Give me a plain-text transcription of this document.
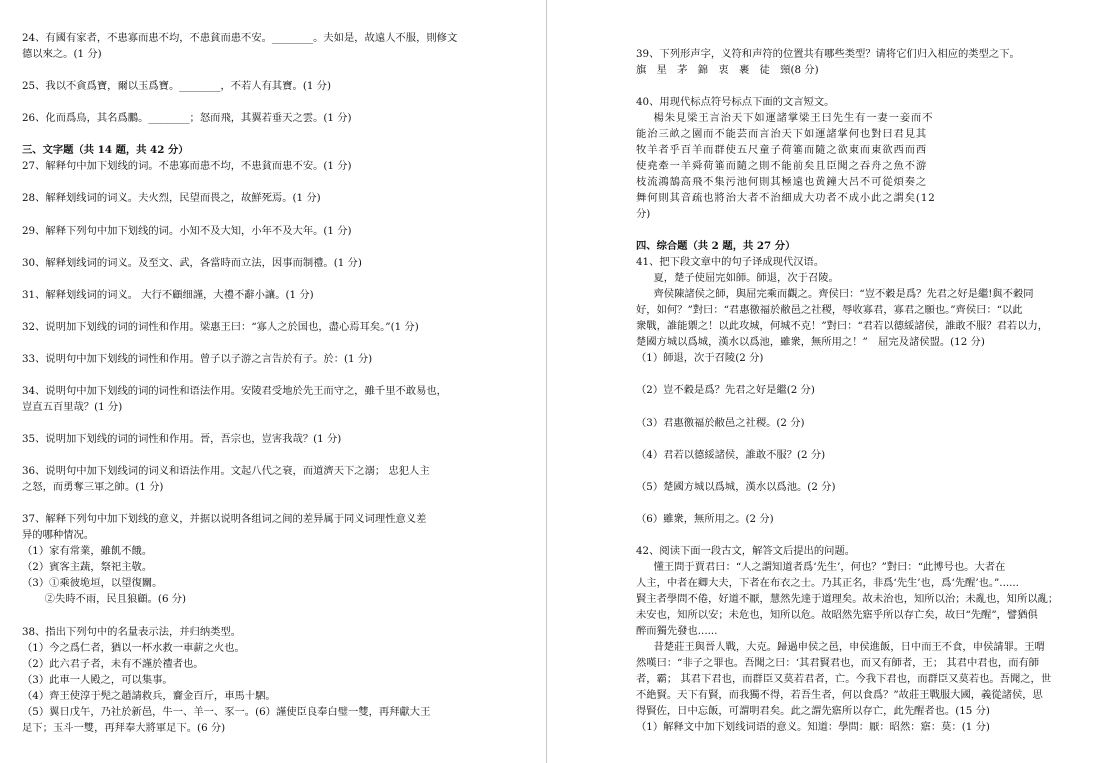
24、有國有家者，不患寡而患不均，不患貧而患不安。________。夫如是，故遠人不服，則修文德以來之。(1 分)
25、我以不貪爲寶，爾以玉爲寶。________，不若人有其寶。(1 分)
26、化而爲鳥，其名爲鵬。________；怒而飛，其翼若垂天之雲。(1 分)
三、文字题（共 14 题，共 42 分）
27、解释句中加下划线的词。不患寡而患不均，不患貧而患不安。(1 分)
28、解释划线词的词义。夫火烈，民望而畏之，故鮮死焉。(1 分)
29、解释下列句中加下划线的词。小知不及大知，小年不及大年。(1 分)
30、解释划线词的词义。及至文、武，各當時而立法，因事而制禮。(1 分)
31、解释划线词的词义。 大行不顧细謹，大禮不辭小讓。(1 分)
32、说明加下划线的词的词性和作用。梁惠王曰：“寡人之於国也，盡心焉耳矣。”(1 分)
33、说明句中加下划线的词性和作用。曾子以子游之言告於有子。於：(1 分)
34、说明句中加下划线的词的词性和语法作用。安陵君受地於先王而守之，雖千里不敢易也，
豈直五百里哉？(1 分)
35、说明加下划线的词的词性和作用。晉，吾宗也，豈害我哉？(1 分)
36、说明句中加下划线词的词义和语法作用。文起八代之衰，而道濟天下之溺； 忠犯人主
之怒，而勇奪三軍之帥。(1 分)
37、解释下列句中加下划线的意义，并据以说明各组词之间的差异属于同义词理性意义差
异的哪种情况。
（1）家有常業，雖飢不餓。
（2）賓客主蔬，祭祀主敬。
（3）①乘彼垝垣，以望復關。
②失時不雨，民且狼顧。(6 分)
38、指出下列句中的名量表示法，并归纳类型。
（1）今之爲仁者，猶以一杯水救一車薪之火也。
（2）此六君子者，未有不謹於禮者也。
（3）此車一人殿之，可以集事。
（4）齊王使淳于髡之趙請救兵，齎金百斤，車馬十駟。
（5）翼日戊午，乃社於新邑，牛一、羊一、豕一。(6）謹使臣良奉白璧一雙，再拜獻大王
足下；玉斗一雙，再拜奉大將軍足下。(6 分)
39、下列形声字，义符和声符的位置共有哪些类型？请将它们归入相应的类型之下。
旗　星　茅　錦　衷　裹　徒　頸(8 分)
40、用现代标点符号标点下面的文言短文。
楊朱見梁王言治天下如運諸掌梁王曰先生有一妻一妾而不
能治三畝之園而不能芸而言治天下如運諸掌何也對曰君見其
牧羊者乎百羊而群使五尺童子荷箠而隨之欲東而東欲西而西
使堯牽一羊舜荷箠而隨之則不能前矣且臣聞之吞舟之魚不游
枝流鴻鵠高飛不集污池何則其極遠也黄鐘大呂不可從煩奏之
舞何則其音疏也將治大者不治細成大功者不成小此之謂矣(12
分)
四、综合题（共 2 题，共 27 分）
41、把下段文章中的句子译成现代汉语。
夏，楚子使屈完如師。師退，次于召陵。
齊侯陳諸侯之師，與屈完乘而觀之。齊侯曰：“豈不穀是爲？先君之好是繼!與不穀同
好，如何？”對曰：“君惠徼福於敝邑之社稷，辱收寡君，寡君之願也。”齊侯曰：“以此
衆戰，誰能禦之！以此攻城，何城不克！”對曰：“君若以德綏諸侯，誰敢不服？君若以力，
楚國方城以爲城，漢水以爲池，雖衆，無所用之！”　屈完及諸侯盟。(12 分)
（1）師退，次于召陵(2 分)
（2）豈不穀是爲？先君之好是繼(2 分)
（3）君惠徼福於敝邑之社稷。(2 分)
（4）君若以德綏諸侯，誰敢不服？(2 分)
（5）楚國方城以爲城，漢水以爲池。(2 分)
（6）雖衆，無所用之。(2 分)
42、阅读下面一段古文，解答文后提出的问题。
懂王問于賈君曰：“人之謂知道者爲‘先生’，何也？”對曰：“此博号也。大者在
人主，中者在卿大夫，下者在布衣之士。乃其正名，非爲‘先生’也，爲‘先醒’也。”......
賢主者學問不倦，好道不厭，慧然先達于道理矣。故未治也，知所以治；未亂也，知所以亂；
未安也，知所以安；未危也，知所以危。故昭然先寤乎所以存亡矣，故曰“先醒”，譬猶俱
醉而獨先發也......
昔楚莊王與晉人戰，大克。歸過申侯之邑，申侯進飯，日中而王不食，申侯請罪。王喟
然嘆曰：“非子之罪也。吾聞之曰：‘其君賢君也，而又有師者，王； 其君中君也，而有師
者，霸； 其君下君也，而群臣又莫若君者，亡。今我下君也，而群臣又莫若也。吾聞之，世
不絶賢。天下有賢，而我獨不得，若吾生者，何以食爲？”故莊王戰服大國，義從諸侯，思
得賢佐，日中忘飯，可謂明君矣。此之謂先寤所以存亡，此先醒者也。(15 分)
（1）解释文中加下划线词语的意义。知道：學問：厭：昭然：寤：莫：(1 分)
